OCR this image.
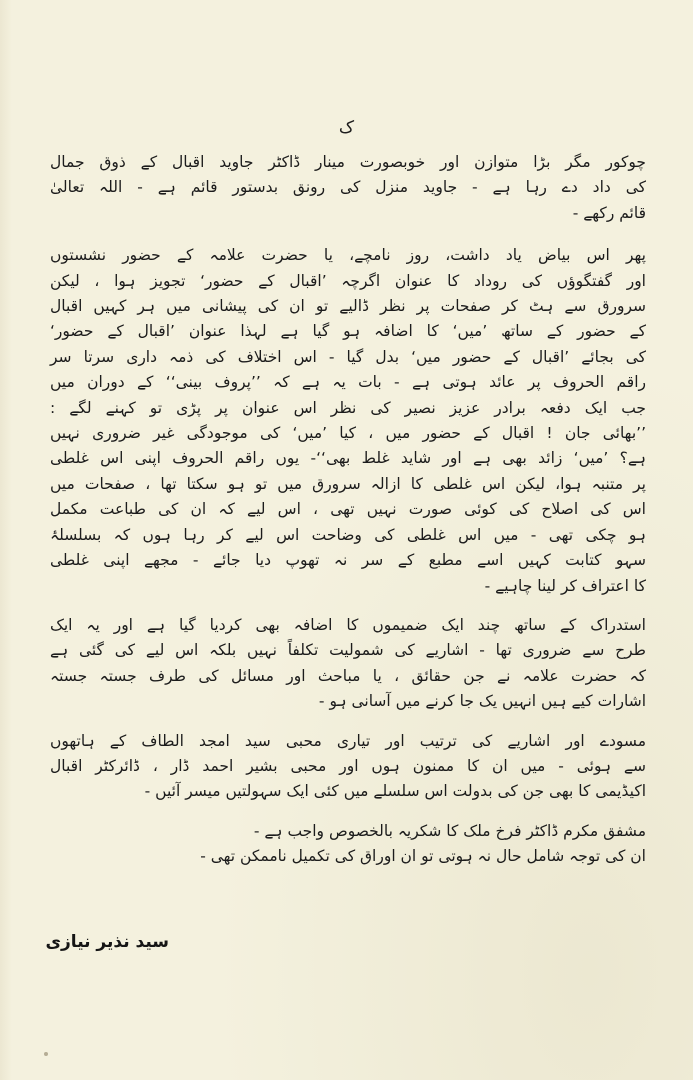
ک

چوکور مگر بڑا متوازن اور خوبصورت مینار ڈاکٹر جاوید اقبال کے ذوق جمال
کی داد دے رہا ہے - جاوید منزل کی رونق بدستور قائم ہے - اللہ تعالیٰ
قائم رکھے -

پھر اس بیاض یاد داشت، روز نامچے، یا حضرت علامہ کے حضور نشستوں
اور گفتگوؤں کی روداد کا عنوان اگرچہ ’اقبال کے حضور‘ تجویز ہوا ، لیکن
سرورق سے ہٹ کر صفحات پر نظر ڈالیے تو ان کی پیشانی میں ہر کہیں اقبال
کے حضور کے ساتھ ’میں‘ کا اضافہ ہو گیا ہے لہذا عنوان ’اقبال کے حضور‘
کی بجائے ’اقبال کے حضور میں‘ بدل گیا - اس اختلاف کی ذمہ داری سرتا سر
راقم الحروف پر عائد ہوتی ہے - بات یہ ہے کہ ’’پروف بینی‘‘ کے دوران میں
جب ایک دفعہ برادر عزیز نصیر کی نظر اس عنوان پر پڑی تو کہنے لگے :
’’بھائی جان ! اقبال کے حضور میں ، کیا ’میں‘ کی موجودگی غیر ضروری نہیں
ہے؟ ’میں‘ زائد بھی ہے اور شاید غلط بھی‘‘- یوں راقم الحروف اپنی اس غلطی
پر متنبہ ہوا، لیکن اس غلطی کا ازالہ سرورق میں تو ہو سکتا تھا ، صفحات میں
اس کی اصلاح کی کوئی صورت نہیں تھی ، اس لیے کہ ان کی طباعت مکمل
ہو چکی تھی - میں اس غلطی کی وضاحت اس لیے کر رہا ہوں کہ بسلسلۂ
سہو کتابت کہیں اسے مطبع کے سر نہ تھوپ دیا جائے - مجھے اپنی غلطی
کا اعتراف کر لینا چاہیے -

استدراک کے ساتھ چند ایک ضمیموں کا اضافہ بھی کردیا گیا ہے اور یہ ایک
طرح سے ضروری تھا - اشاریے کی شمولیت تکلفاً نہیں بلکہ اس لیے کی گئی ہے
کہ حضرت علامہ نے جن حقائق ، یا مباحث اور مسائل کی طرف جستہ جستہ
اشارات کیے ہیں انہیں یک جا کرنے میں آسانی ہو -

مسودے اور اشاریے کی ترتیب اور تیاری محبی سید امجد الطاف کے ہاتھوں
سے ہوئی - میں ان کا ممنون ہوں اور محبی بشیر احمد ڈار ، ڈائرکٹر اقبال
اکیڈیمی کا بھی جن کی بدولت اس سلسلے میں کئی ایک سہولتیں میسر آئیں -

مشفق مکرم ڈاکٹر فرخ ملک کا شکریہ بالخصوص واجب ہے -
ان کی توجہ شامل حال نہ ہوتی تو ان اوراق کی تکمیل ناممکن تھی -

سید نذیر نیازی
